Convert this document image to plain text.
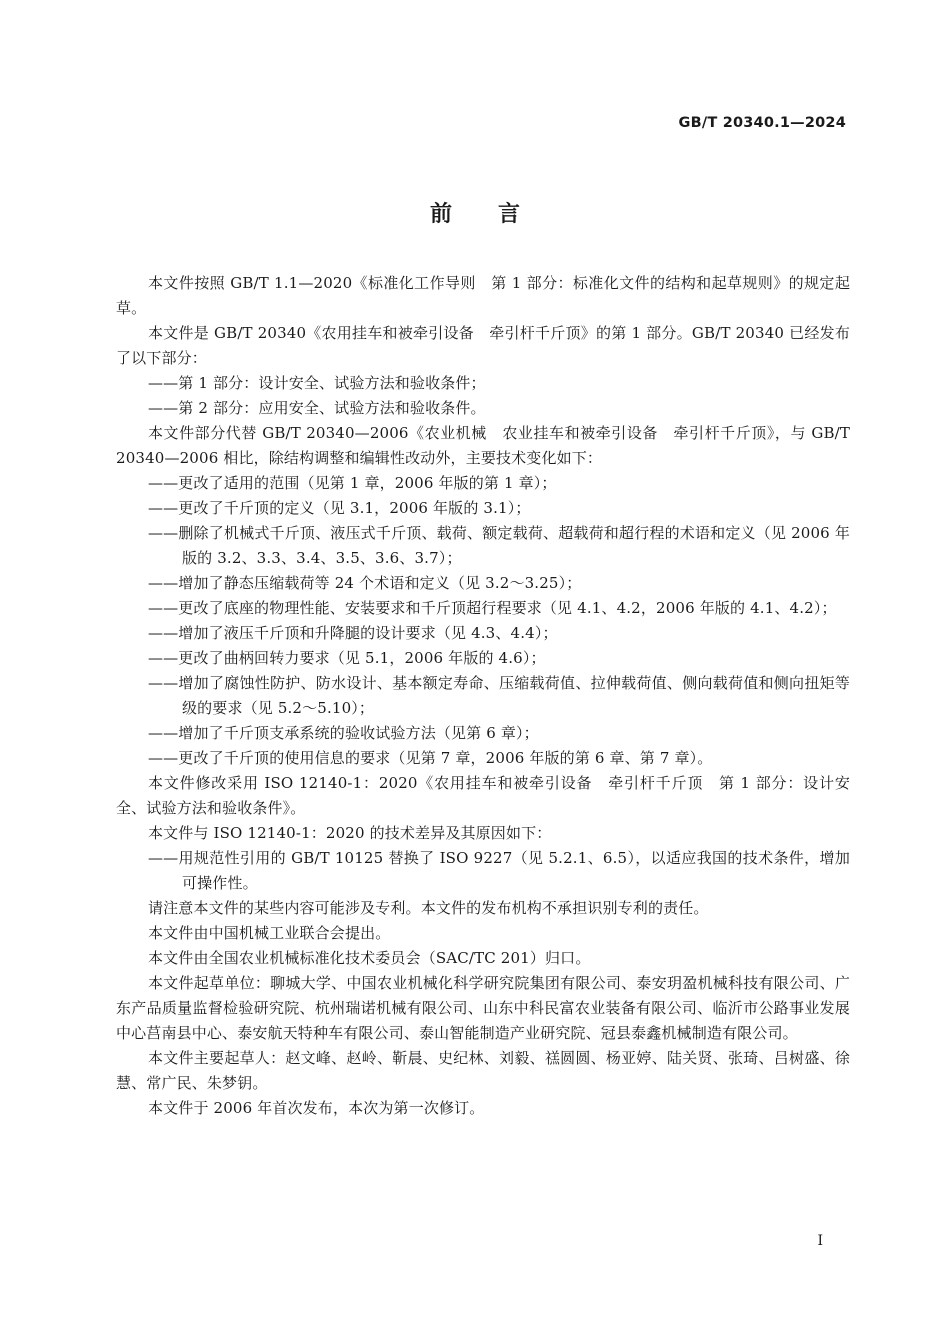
GB/T 20340.1—2024
前 言

本文件按照 GB/T 1.1—2020《标准化工作导则　第 1 部分：标准化文件的结构和起草规则》的规定起草。

本文件是 GB/T 20340《农用挂车和被牵引设备　牵引杆千斤顶》的第 1 部分。GB/T 20340 已经发布了以下部分：

——第 1 部分：设计安全、试验方法和验收条件；

——第 2 部分：应用安全、试验方法和验收条件。

本文件部分代替 GB/T 20340—2006《农业机械　农业挂车和被牵引设备　牵引杆千斤顶》，与 GB/T 20340—2006 相比，除结构调整和编辑性改动外，主要技术变化如下：

——更改了适用的范围（见第 1 章，2006 年版的第 1 章）；

——更改了千斤顶的定义（见 3.1，2006 年版的 3.1）；

——删除了机械式千斤顶、液压式千斤顶、载荷、额定载荷、超载荷和超行程的术语和定义（见 2006 年版的 3.2、3.3、3.4、3.5、3.6、3.7）；

——增加了静态压缩载荷等 24 个术语和定义（见 3.2～3.25）；

——更改了底座的物理性能、安装要求和千斤顶超行程要求（见 4.1、4.2，2006 年版的 4.1、4.2）；

——增加了液压千斤顶和升降腿的设计要求（见 4.3、4.4）；

——更改了曲柄回转力要求（见 5.1，2006 年版的 4.6）；

——增加了腐蚀性防护、防水设计、基本额定寿命、压缩载荷值、拉伸载荷值、侧向载荷值和侧向扭矩等级的要求（见 5.2～5.10）；

——增加了千斤顶支承系统的验收试验方法（见第 6 章）；

——更改了千斤顶的使用信息的要求（见第 7 章，2006 年版的第 6 章、第 7 章）。

本文件修改采用 ISO 12140-1：2020《农用挂车和被牵引设备　牵引杆千斤顶　第 1 部分：设计安全、试验方法和验收条件》。

本文件与 ISO 12140-1：2020 的技术差异及其原因如下：

——用规范性引用的 GB/T 10125 替换了 ISO 9227（见 5.2.1、6.5），以适应我国的技术条件，增加可操作性。

请注意本文件的某些内容可能涉及专利。本文件的发布机构不承担识别专利的责任。

本文件由中国机械工业联合会提出。

本文件由全国农业机械标准化技术委员会（SAC/TC 201）归口。

本文件起草单位：聊城大学、中国农业机械化科学研究院集团有限公司、泰安玥盈机械科技有限公司、广东产品质量监督检验研究院、杭州瑞诺机械有限公司、山东中科民富农业装备有限公司、临沂市公路事业发展中心莒南县中心、泰安航天特种车有限公司、泰山智能制造产业研究院、冠县泰鑫机械制造有限公司。

本文件主要起草人：赵文峰、赵岭、靳晨、史纪林、刘毅、禚圆圆、杨亚婷、陆关贤、张琦、吕树盛、徐慧、常广民、朱梦钥。

本文件于 2006 年首次发布，本次为第一次修订。

I
